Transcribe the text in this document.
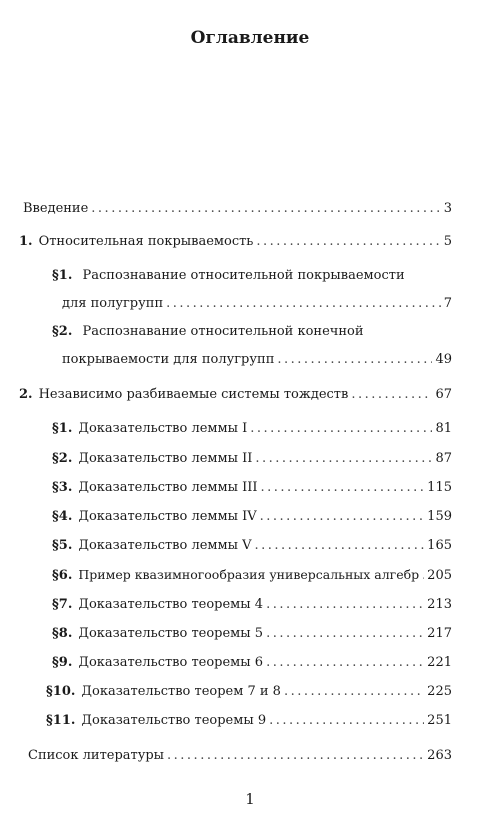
Оглавление
Введение .....	3
1. Относительная покрываемость .....	5
§1. Распознавание относительной покрываемости
для полугрупп .....	7
§2. Распознавание относительной конечной
покрываемости для полугрупп .....	49
2. Независимо разбиваемые системы тождеств .....	67
§1. Доказательство леммы I .....	81
§2. Доказательство леммы II .....	87
§3. Доказательство леммы III .....	115
§4. Доказательство леммы IV .....	159
§5. Доказательство леммы V .....	165
§6. Пример квазимногообразия универсальных алгебр ..... 205
§7. Доказательство теоремы 4 .....	213
§8. Доказательство теоремы 5 .....	217
§9. Доказательство теоремы 6 .....	221
§10. Доказательство теорем 7 и 8 .....	225
§11. Доказательство теоремы 9 .....	251
Список литературы .....	263
1
